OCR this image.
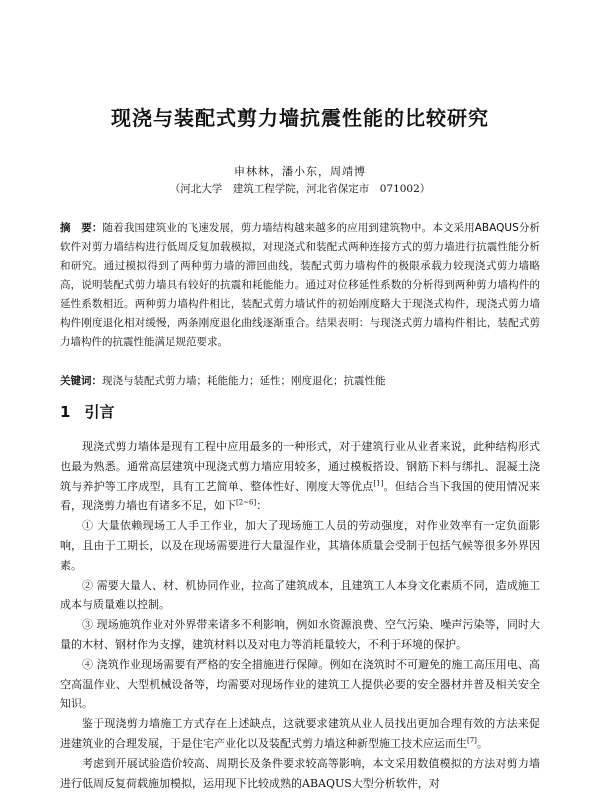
现浇与装配式剪力墙抗震性能的比较研究
申林林，潘小东，周靖博
（河北大学　建筑工程学院，河北省保定市　071002）
摘　要：随着我国建筑业的飞速发展，剪力墙结构越来越多的应用到建筑物中。本文采用ABAQUS分析软件对剪力墙结构进行低周反复加载模拟，对现浇式和装配式两种连接方式的剪力墙进行抗震性能分析和研究。通过模拟得到了两种剪力墙的滞回曲线，装配式剪力墙构件的极限承载力较现浇式剪力墙略高，说明装配式剪力墙具有较好的抗震和耗能能力。通过对位移延性系数的分析得到两种剪力墙构件的延性系数相近。两种剪力墙构件相比，装配式剪力墙试件的初始刚度略大于现浇式构件，现浇式剪力墙构件刚度退化相对缓慢，两条刚度退化曲线逐渐重合。结果表明：与现浇式剪力墙构件相比，装配式剪力墙构件的抗震性能满足规范要求。
关键词：现浇与装配式剪力墙；耗能能力；延性；刚度退化；抗震性能
1 引言

现浇式剪力墙体是现有工程中应用最多的一种形式，对于建筑行业从业者来说，此种结构形式也最为熟悉。通常高层建筑中现浇式剪力墙应用较多，通过模板搭设、钢筋下料与绑扎、混凝土浇筑与养护等工序成型，具有工艺简单、整体性好、刚度大等优点[1]。但结合当下我国的使用情况来看，现浇剪力墙也有诸多不足，如下[2~6]：

① 大量依赖现场工人手工作业，加大了现场施工人员的劳动强度，对作业效率有一定负面影响，且由于工期长，以及在现场需要进行大量湿作业，其墙体质量会受制于包括气候等很多外界因素。

② 需要大量人、材、机协同作业，拉高了建筑成本，且建筑工人本身文化素质不同，造成施工成本与质量难以控制。

③ 现场施筑作业对外界带来诸多不利影响，例如水资源浪费、空气污染、噪声污染等，同时大量的木材、钢材作为支撑，建筑材料以及对电力等消耗量较大，不利于环境的保护。

④ 浇筑作业现场需要有严格的安全措施进行保障。例如在浇筑时不可避免的施工高压用电、高空高温作业、大型机械设备等，均需要对现场作业的建筑工人提供必要的安全器材并普及相关安全知识。

鉴于现浇剪力墙施工方式存在上述缺点，这就要求建筑从业人员找出更加合理有效的方法来促进建筑业的合理发展，于是住宅产业化以及装配式剪力墙这种新型施工技术应运而生[7]。

考虑到开展试验造价较高、周期长及条件要求较高等影响，本文采用数值模拟的方法对剪力墙进行低周反复荷载施加模拟，运用现下比较成熟的ABAQUS大型分析软件，对
